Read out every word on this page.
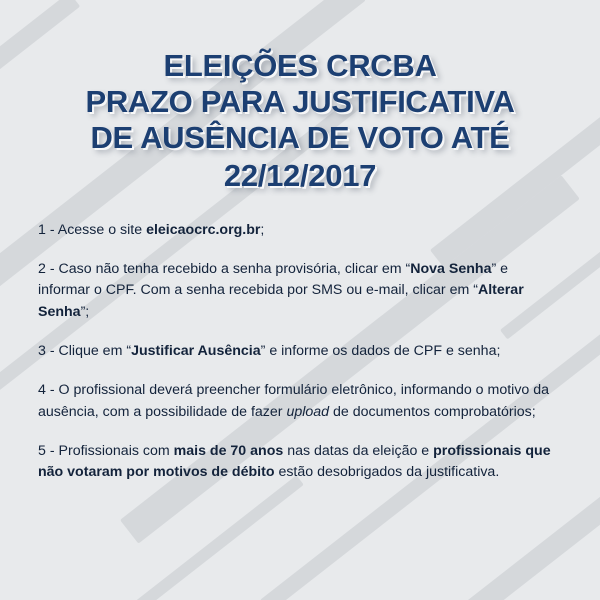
ELEIÇÕES CRCBA
PRAZO PARA JUSTIFICATIVA
DE AUSÊNCIA DE VOTO ATÉ
22/12/2017

1 - Acesse o site eleicaocrc.org.br;

2 - Caso não tenha recebido a senha provisória, clicar em “Nova Senha” e informar o CPF. Com a senha recebida por SMS ou e-mail, clicar em “Alterar Senha”;

3 - Clique em “Justificar Ausência” e informe os dados de CPF e senha;

4 - O profissional deverá preencher formulário eletrônico, informando o motivo da ausência, com a possibilidade de fazer upload de documentos comprobatórios;

5 - Profissionais com mais de 70 anos nas datas da eleição e profissionais que não votaram por motivos de débito estão desobrigados da justificativa.
